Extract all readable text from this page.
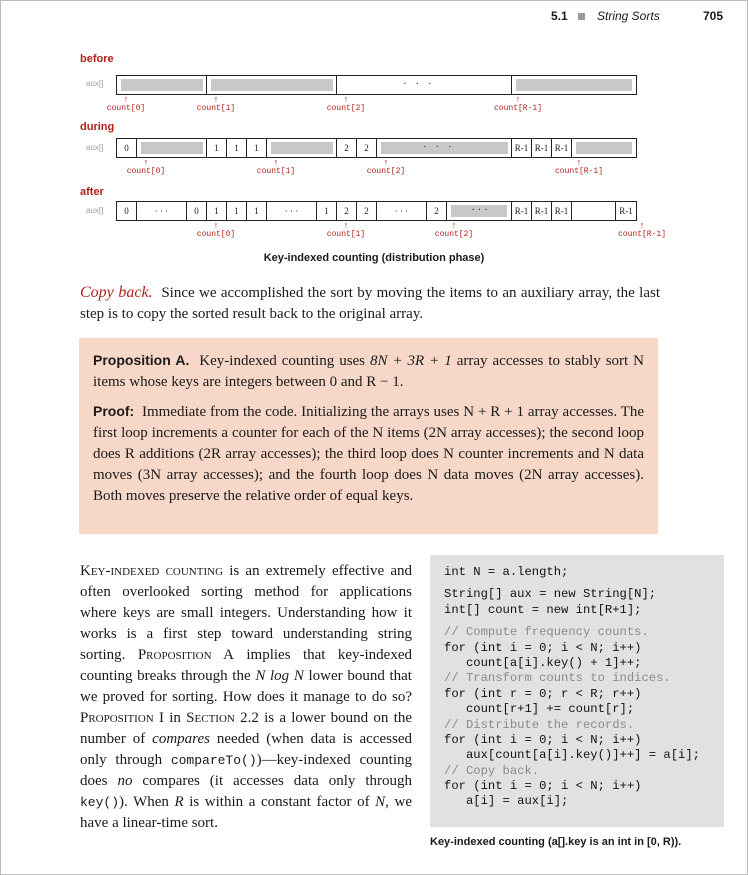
5.1 String Sorts	705
before
aux[]	· · ·
↑
count[0]
↑
count[1]
↑
count[2]
↑
count[R-1]
during
aux[]	0	1	1	1	2	2	· · ·	R-1 R-1 R-1
↑
count[0]
↑
count[1]
↑
count[2]
↑
count[R-1]
after
aux[]	0	· · ·	0	1	1	1	· · ·	1	2	2	· · ·	2	· · ·	R-1 R-1 R-1	R-1
↑
count[0]
↑
count[1]
↑
count[2]
↑
count[R-1]
Key-indexed counting (distribution phase)

Copy back. Since we accomplished the sort by moving the items to an auxiliary array, the last step is to copy the sorted result back to the original array.

Proposition A. Key-indexed counting uses 8N + 3R + 1 array accesses to stably sort N items whose keys are integers between 0 and R − 1.

Proof: Immediate from the code. Initializing the arrays uses N + R + 1 array accesses. The first loop increments a counter for each of the N items (2N array accesses); the second loop does R additions (2R array accesses); the third loop does N counter increments and N data moves (3N array accesses); and the fourth loop does N data moves (2N array accesses). Both moves preserve the relative order of equal keys.

Key-indexed counting is an extremely effective and often overlooked sorting method for applications where keys are small integers. Understanding how it works is a first step toward understanding string sorting. Proposition A implies that key-indexed counting breaks through the N log N lower bound that we proved for sorting. How does it manage to do so? Proposition I in Section 2.2 is a lower bound on the number of compares needed (when data is accessed only through compareTo())—key-indexed counting does no compares (it accesses data only through key()). When R is within a constant factor of N, we have a linear-time sort.

int N = a.length;
String[] aux = new String[N];
int[] count = new int[R+1];
// Compute frequency counts.
for (int i = 0; i < N; i++)
count[a[i].key() + 1]++;
// Transform counts to indices.
for (int r = 0; r < R; r++)
count[r+1] += count[r];
// Distribute the records.
for (int i = 0; i < N; i++)
aux[count[a[i].key()]++] = a[i];
// Copy back.
for (int i = 0; i < N; i++)
a[i] = aux[i];
Key-indexed counting (a[].key is an int in [0, R)).
